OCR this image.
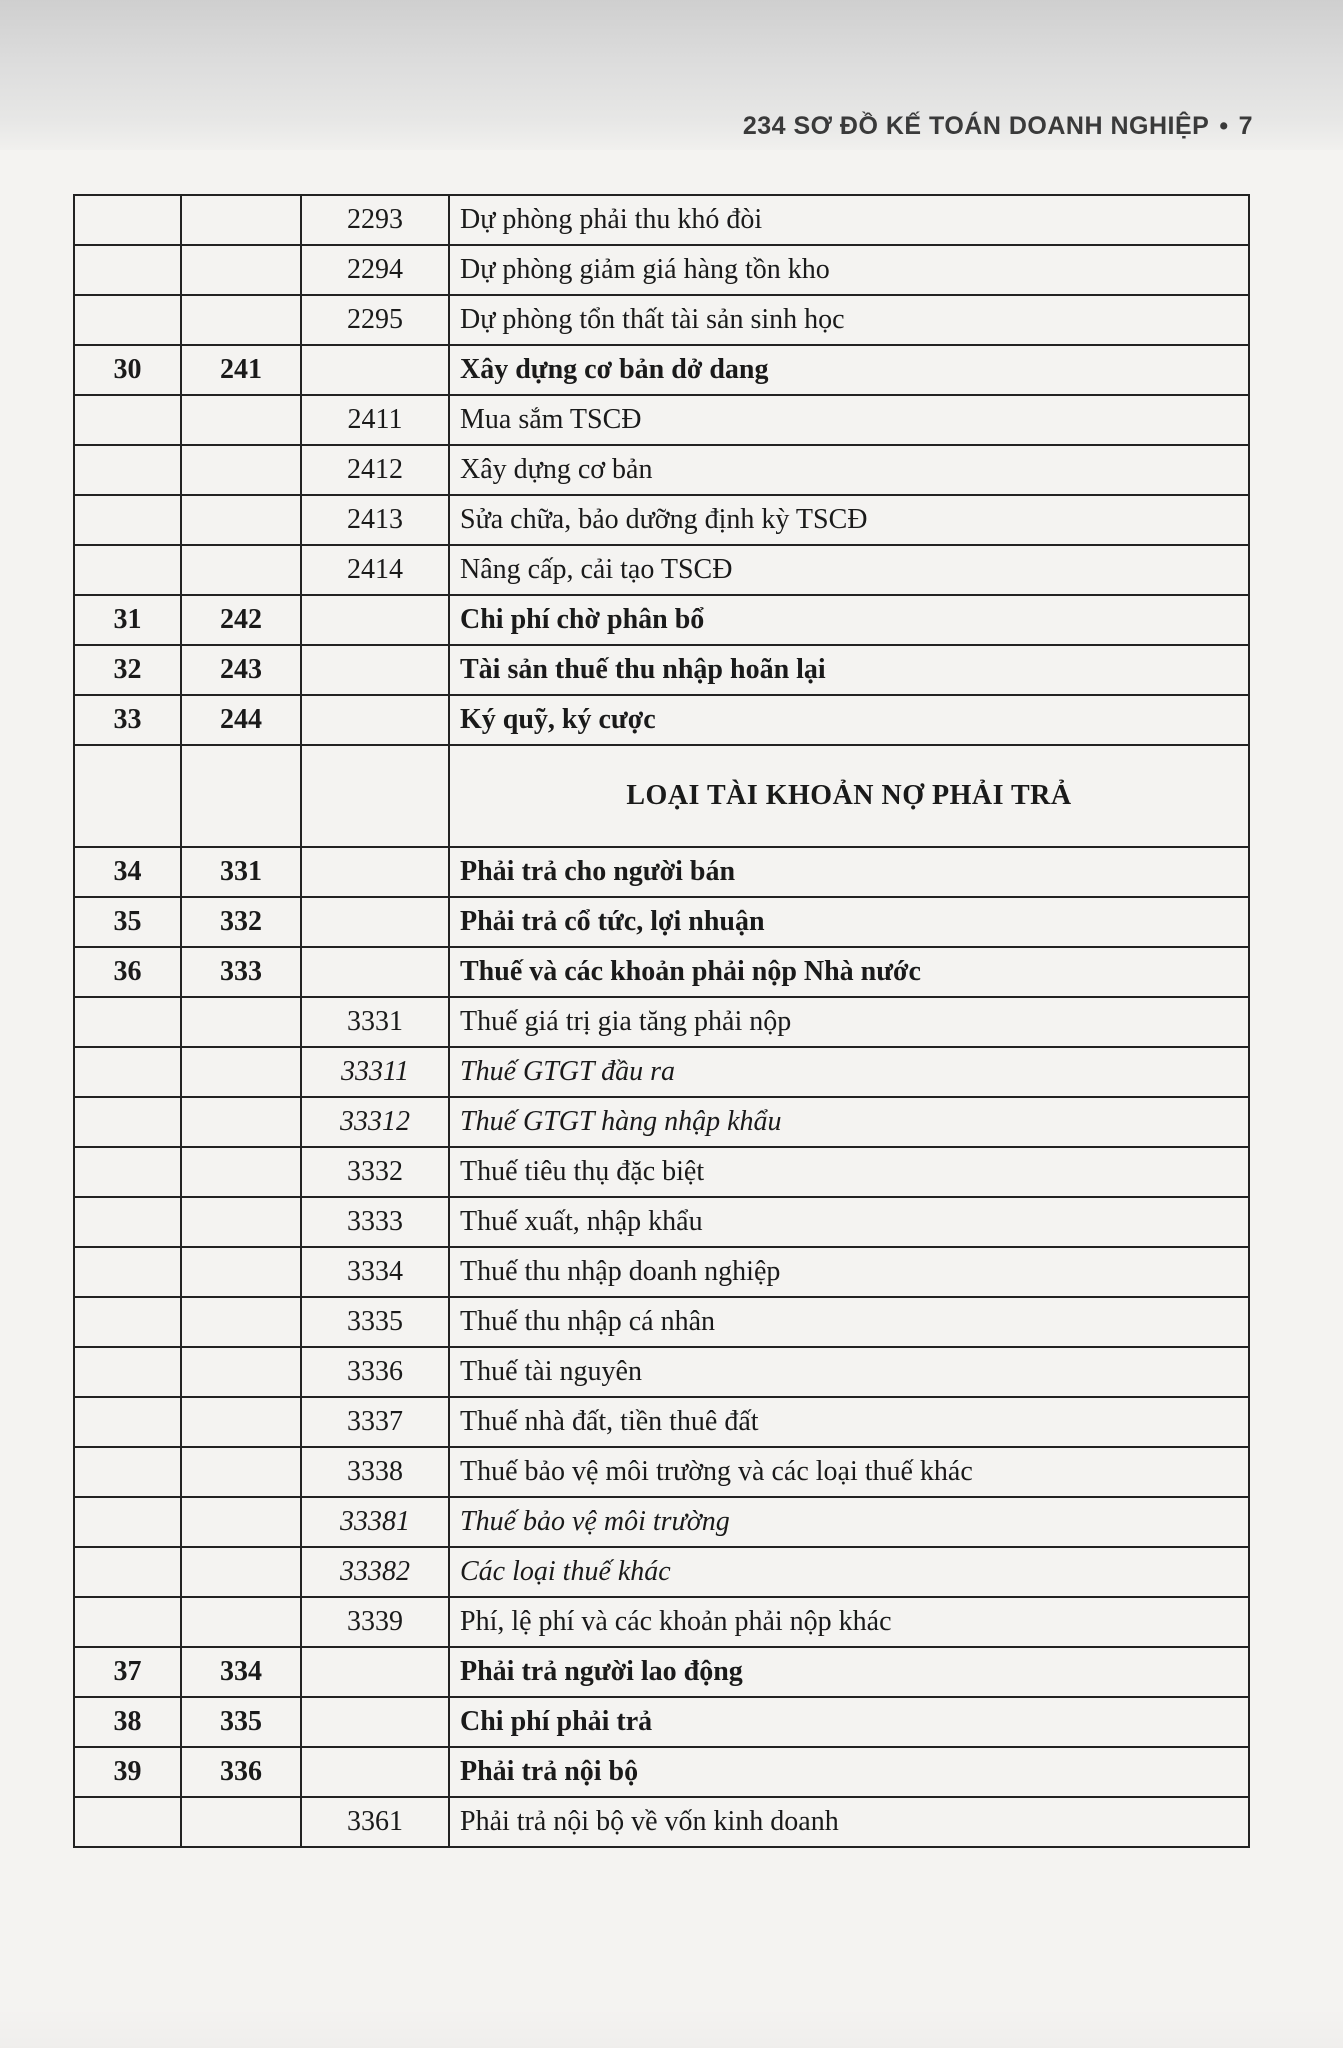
234 SƠ ĐỒ KẾ TOÁN DOANH NGHIỆP • 7
		2293	Dự phòng phải thu khó đòi
		2294	Dự phòng giảm giá hàng tồn kho
		2295	Dự phòng tổn thất tài sản sinh học
30	241		Xây dựng cơ bản dở dang
		2411	Mua sắm TSCĐ
		2412	Xây dựng cơ bản
		2413	Sửa chữa, bảo dưỡng định kỳ TSCĐ
		2414	Nâng cấp, cải tạo TSCĐ
31	242		Chi phí chờ phân bổ
32	243		Tài sản thuế thu nhập hoãn lại
33	244		Ký quỹ, ký cược
			LOẠI TÀI KHOẢN NỢ PHẢI TRẢ
34	331		Phải trả cho người bán
35	332		Phải trả cổ tức, lợi nhuận
36	333		Thuế và các khoản phải nộp Nhà nước
		3331	Thuế giá trị gia tăng phải nộp
		33311	Thuế GTGT đầu ra
		33312	Thuế GTGT hàng nhập khẩu
		3332	Thuế tiêu thụ đặc biệt
		3333	Thuế xuất, nhập khẩu
		3334	Thuế thu nhập doanh nghiệp
		3335	Thuế thu nhập cá nhân
		3336	Thuế tài nguyên
		3337	Thuế nhà đất, tiền thuê đất
		3338	Thuế bảo vệ môi trường và các loại thuế khác
		33381	Thuế bảo vệ môi trường
		33382	Các loại thuế khác
		3339	Phí, lệ phí và các khoản phải nộp khác
37	334		Phải trả người lao động
38	335		Chi phí phải trả
39	336		Phải trả nội bộ
		3361	Phải trả nội bộ về vốn kinh doanh
